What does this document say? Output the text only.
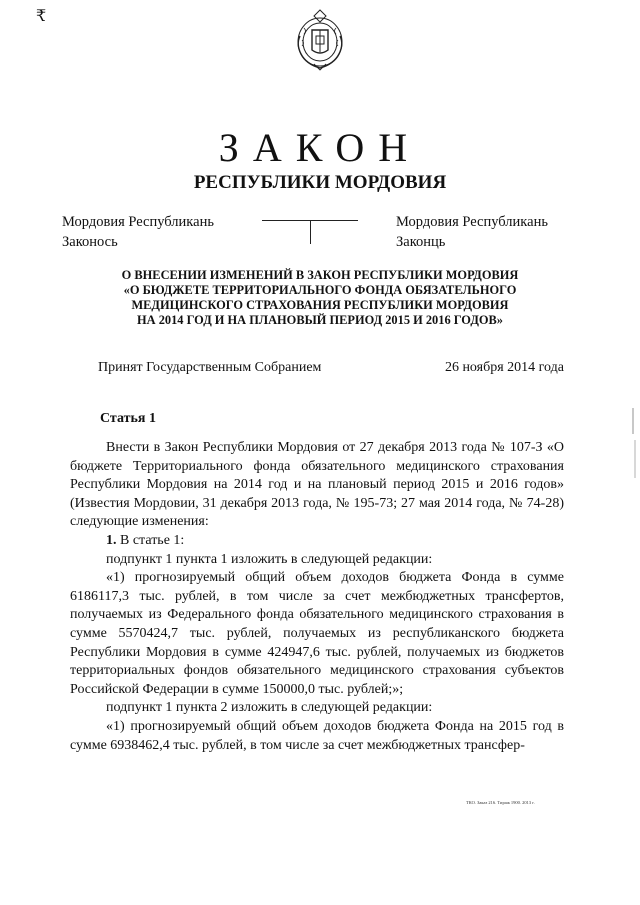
₹
ЗАКОН
РЕСПУБЛИКИ МОРДОВИЯ
Мордовия Республикань
Законось
Мордовия Республикань
Законць
О ВНЕСЕНИИ ИЗМЕНЕНИЙ В ЗАКОН РЕСПУБЛИКИ МОРДОВИЯ
«О БЮДЖЕТЕ ТЕРРИТОРИАЛЬНОГО ФОНДА ОБЯЗАТЕЛЬНОГО
МЕДИЦИНСКОГО СТРАХОВАНИЯ РЕСПУБЛИКИ МОРДОВИЯ
НА 2014 ГОД И НА ПЛАНОВЫЙ ПЕРИОД 2015 И 2016 ГОДОВ»
Принят Государственным Собранием	26 ноября 2014 года
Статья 1

Внести в Закон Республики Мордовия от 27 декабря 2013 года № 107-З «О бюджете Территориального фонда обязательного медицинского страхования Республики Мордовия на 2014 год и на плановый период 2015 и 2016 годов» (Известия Мордовии, 31 декабря 2013 года, № 195-73; 27 мая 2014 года, № 74-28) следующие изменения:

1. В статье 1:

подпункт 1 пункта 1 изложить в следующей редакции:

«1) прогнозируемый общий объем доходов бюджета Фонда в сумме 6186117,3 тыс. рублей, в том числе за счет межбюджетных трансфертов, получаемых из Федерального фонда обязательного медицинского страхования в сумме 5570424,7 тыс. рублей, получаемых из республиканского бюджета Республики Мордовия в сумме 424947,6 тыс. рублей, получаемых из бюджетов территориальных фондов обязательного медицинского страхования субъектов Российской Федерации в сумме 150000,0 тыс. рублей;»;

подпункт 1 пункта 2 изложить в следующей редакции:

«1) прогнозируемый общий объем доходов бюджета Фонда на 2015 год в сумме 6938462,4 тыс. рублей, в том числе за счет межбюджетных трансфер-

ТКО. Заказ 216. Тираж 1900. 2013 г.
